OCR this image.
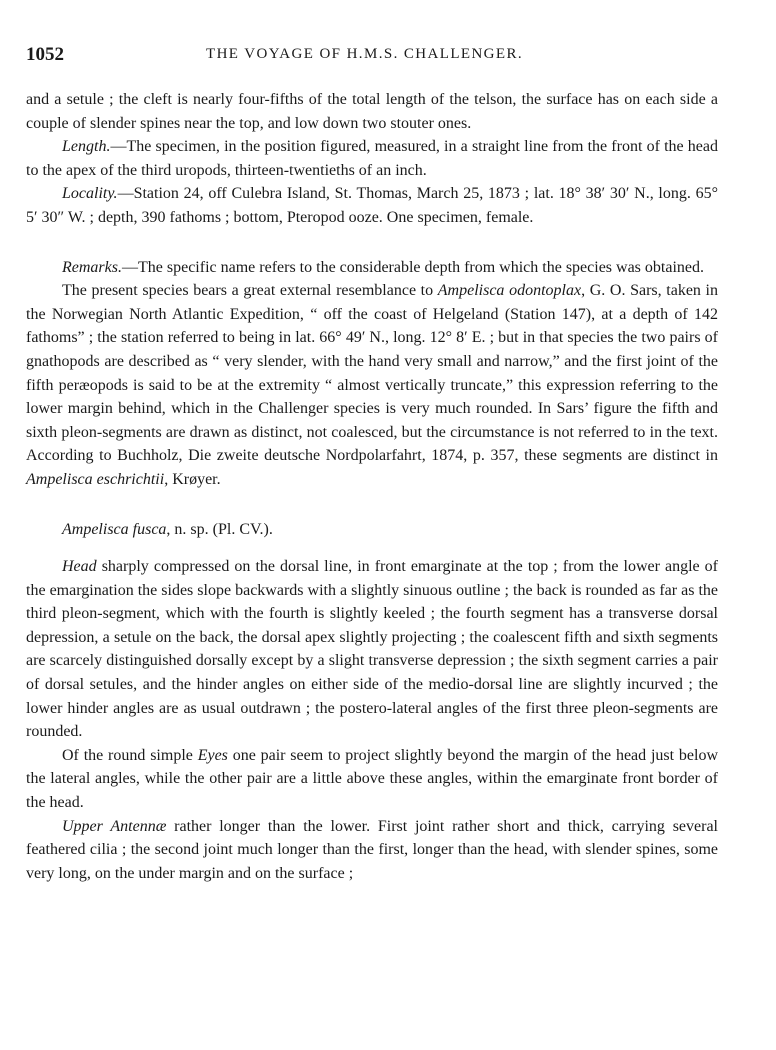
1052	THE VOYAGE OF H.M.S. CHALLENGER.

and a setule ; the cleft is nearly four-fifths of the total length of the telson, the surface has on each side a couple of slender spines near the top, and low down two stouter ones.

Length.—The specimen, in the position figured, measured, in a straight line from the front of the head to the apex of the third uropods, thirteen-twentieths of an inch.

Locality.—Station 24, off Culebra Island, St. Thomas, March 25, 1873 ; lat. 18° 38′ 30′ N., long. 65° 5′ 30″ W. ; depth, 390 fathoms ; bottom, Pteropod ooze. One specimen, female.

Remarks.—The specific name refers to the considerable depth from which the species was obtained.

The present species bears a great external resemblance to Ampelisca odontoplax, G. O. Sars, taken in the Norwegian North Atlantic Expedition, “ off the coast of Helgeland (Station 147), at a depth of 142 fathoms” ; the station referred to being in lat. 66° 49′ N., long. 12° 8′ E. ; but in that species the two pairs of gnathopods are described as “ very slender, with the hand very small and narrow,” and the first joint of the fifth peræopods is said to be at the extremity “ almost vertically truncate,” this expression referring to the lower margin behind, which in the Challenger species is very much rounded. In Sars’ figure the fifth and sixth pleon-segments are drawn as distinct, not coalesced, but the circumstance is not referred to in the text. According to Buchholz, Die zweite deutsche Nordpolarfahrt, 1874, p. 357, these segments are distinct in Ampelisca eschrichtii, Krøyer.

Ampelisca fusca, n. sp. (Pl. CV.).

Head sharply compressed on the dorsal line, in front emarginate at the top ; from the lower angle of the emargination the sides slope backwards with a slightly sinuous outline ; the back is rounded as far as the third pleon-segment, which with the fourth is slightly keeled ; the fourth segment has a transverse dorsal depression, a setule on the back, the dorsal apex slightly projecting ; the coalescent fifth and sixth segments are scarcely distinguished dorsally except by a slight transverse depression ; the sixth segment carries a pair of dorsal setules, and the hinder angles on either side of the medio-dorsal line are slightly incurved ; the lower hinder angles are as usual outdrawn ; the postero-lateral angles of the first three pleon-segments are rounded.

Of the round simple Eyes one pair seem to project slightly beyond the margin of the head just below the lateral angles, while the other pair are a little above these angles, within the emarginate front border of the head.

Upper Antennæ rather longer than the lower. First joint rather short and thick, carrying several feathered cilia ; the second joint much longer than the first, longer than the head, with slender spines, some very long, on the under margin and on the surface ;
